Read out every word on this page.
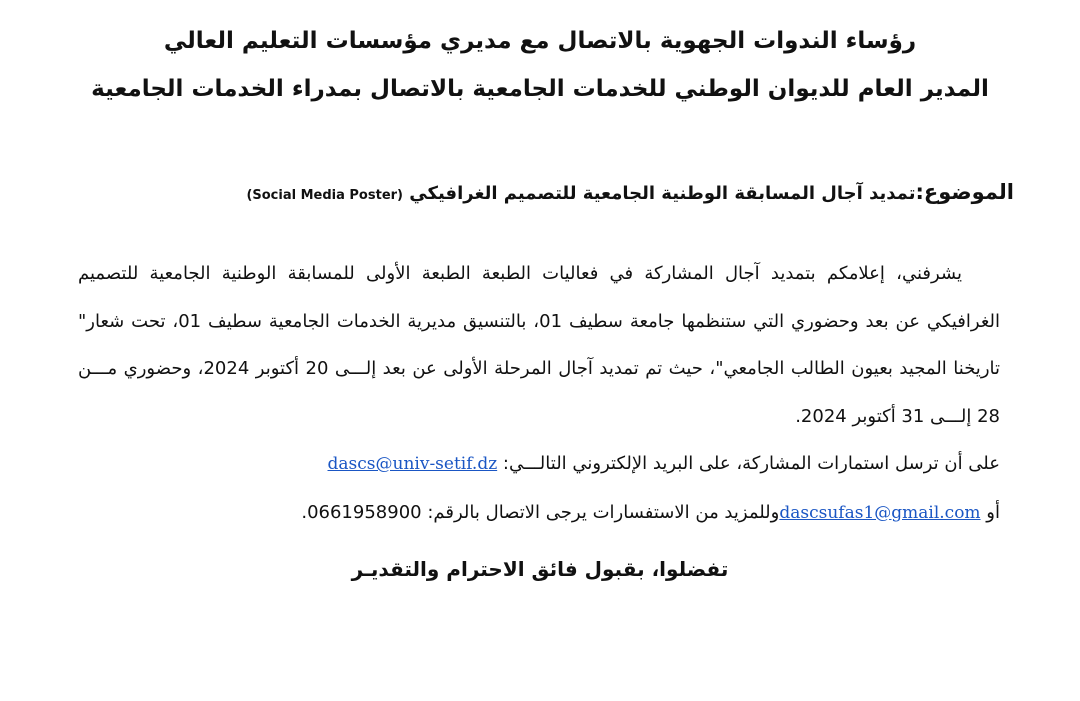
رؤساء الندوات الجهوية بالاتصال مع مديري مؤسسات التعليم العالي
المدير العام للديوان الوطني للخدمات الجامعية بالاتصال بمدراء الخدمات الجامعية
الموضوع:تمديد آجال المسابقة الوطنية الجامعية للتصميم الغرافيكي (Social Media Poster)

يشرفني، إعلامكم بتمديد آجال المشاركة في فعاليات الطبعة الطبعة الأولى للمسابقة الوطنية الجامعية للتصميم الغرافيكي عن بعد وحضوري التي ستنظمها جامعة سطيف 01، بالتنسيق مديرية الخدمات الجامعية سطيف 01، تحت شعار" تاريخنا المجيد بعيون الطالب الجامعي"، حيث تم تمديد آجال المرحلة الأولى عن بعد إلـــى 20 أكتوبر 2024، وحضوري مـــن 28 إلـــى 31 أكتوبر 2024.

على أن ترسل استمارات المشاركة، على البريد الإلكتروني التالـــي: dascs@univ-setif.dz

أو dascsufas1@gmail.comوللمزيد من الاستفسارات يرجى الاتصال بالرقم: 0661958900.

تفضلوا، بقبول فائق الاحترام والتقديـر
